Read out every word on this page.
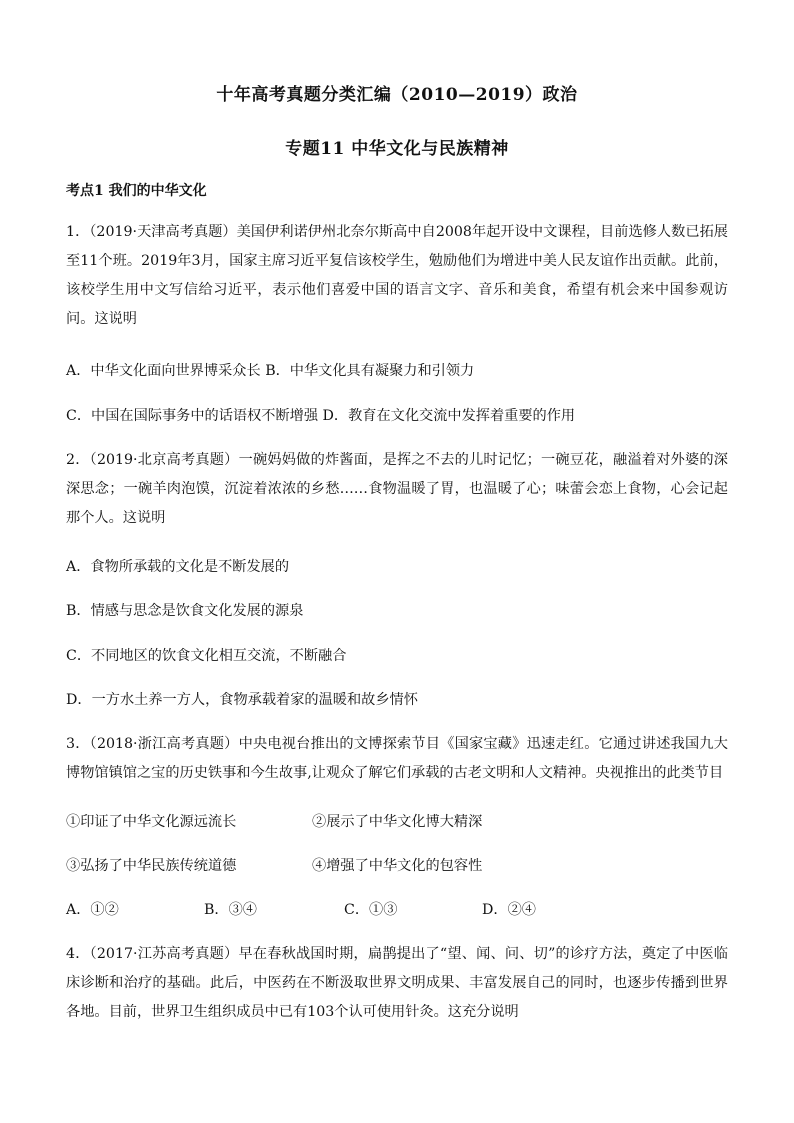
十年高考真题分类汇编（2010—2019）政治
专题11 中华文化与民族精神
考点1 我们的中华文化
1．（2019·天津高考真题）美国伊利诺伊州北奈尔斯高中自2008年起开设中文课程，目前选修人数已拓展至11个班。2019年3月，国家主席习近平复信该校学生，勉励他们为增进中美人民友谊作出贡献。此前，该校学生用中文写信给习近平，表示他们喜爱中国的语言文字、音乐和美食，希望有机会来中国参观访问。这说明
A．中华文化面向世界博采众长 B．中华文化具有凝聚力和引领力
C．中国在国际事务中的话语权不断增强 D．教育在文化交流中发挥着重要的作用
2．（2019·北京高考真题）一碗妈妈做的炸酱面，是挥之不去的儿时记忆；一碗豆花，融溢着对外婆的深深思念；一碗羊肉泡馍，沉淀着浓浓的乡愁……食物温暖了胃，也温暖了心；味蕾会恋上食物，心会记起那个人。这说明
A．食物所承载的文化是不断发展的
B．情感与思念是饮食文化发展的源泉
C．不同地区的饮食文化相互交流，不断融合
D．一方水土养一方人，食物承载着家的温暖和故乡情怀
3．（2018·浙江高考真题）中央电视台推出的文博探索节目《国家宝藏》迅速走红。它通过讲述我国九大博物馆镇馆之宝的历史铁事和今生故事,让观众了解它们承载的古老文明和人文精神。央视推出的此类节目
①印证了中华文化源远流长	②展示了中华文化博大精深
③弘扬了中华民族传统道德	④增强了中华文化的包容性
A．①②	B．③④	C．①③	D．②④
4．（2017·江苏高考真题）早在春秋战国时期，扁鹊提出了“望、闻、问、切”的诊疗方法，奠定了中医临床诊断和治疗的基础。此后，中医药在不断汲取世界文明成果、丰富发展自己的同时，也逐步传播到世界各地。目前，世界卫生组织成员中已有103个认可使用针灸。这充分说明
